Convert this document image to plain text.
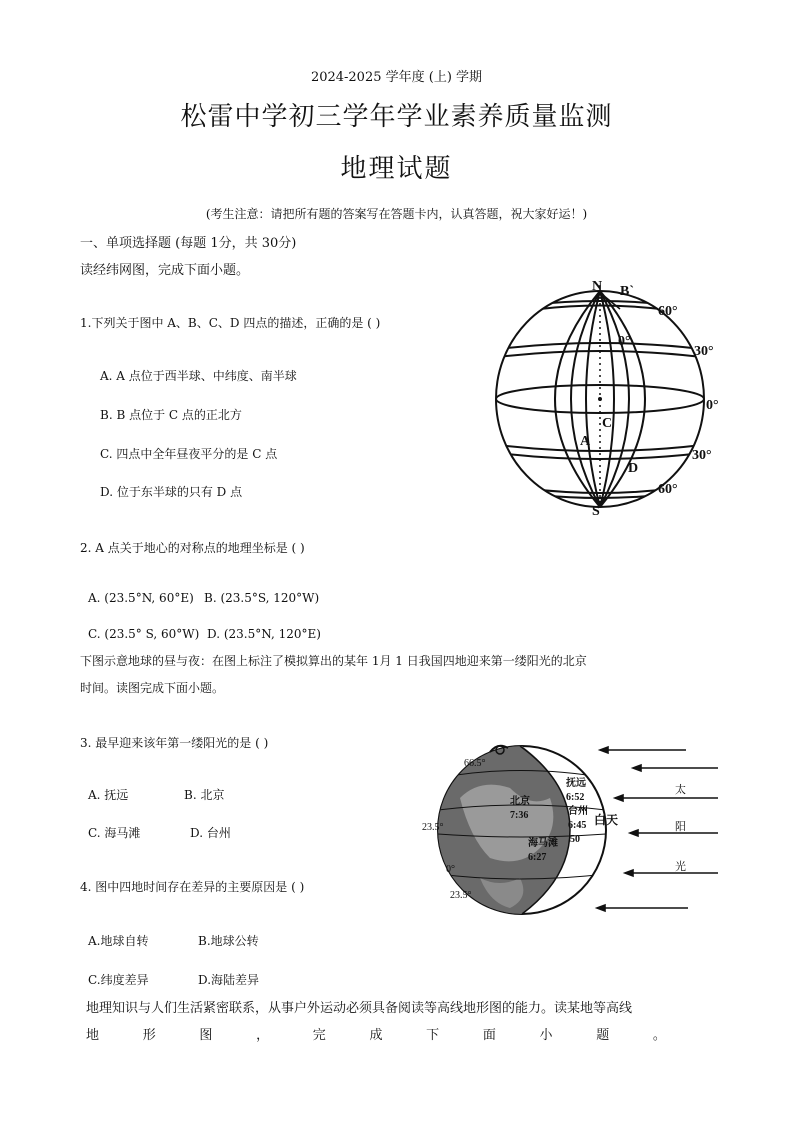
2024-2025 学年度 (上) 学期
松雷中学初三学年学业素养质量监测
地理试题
(考生注意：请把所有题的答案写在答题卡内，认真答题，祝大家好运！)
一、单项选择题 (每题 1分，共 30分)
读经纬网图，完成下面小题。
1.下列关于图中 A、B、C、D 四点的描述，正确的是 ( )
A. A 点位于西半球、中纬度、南半球
B. B 点位于 C 点的正北方
C. 四点中全年昼夜平分的是 C 点
D. 位于东半球的只有 D 点
N
S
B`
A
C
D
0°
60°
30°
0°
30°
60°
2. A 点关于地心的对称点的地理坐标是 ( )
A. (23.5°N, 60°E) B. (23.5°S, 120°W)
C. (23.5° S, 60°W) D. (23.5°N, 120°E)
下图示意地球的昼与夜：在图上标注了模拟算出的某年 1月 1 日我国四地迎来第一缕阳光的北京
时间。读图完成下面小题。
3. 最早迎来该年第一缕阳光的是 ( )
A. 抚远	B. 北京
C. 海马滩	D. 台州
66.5°
23.5°
0°
23.5°
抚远
6:52
北京
7:36	台州
6:45
海马滩
6:27
50
白天
太
阳
光
4. 图中四地时间存在差异的主要原因是 ( )
A.地球自转	B.地球公转
C.纬度差异	D.海陆差异
地理知识与人们生活紧密联系，从事户外运动必须具备阅读等高线地形图的能力。读某地等高线
地	形	图	，	完	成	下	面	小	题	。
